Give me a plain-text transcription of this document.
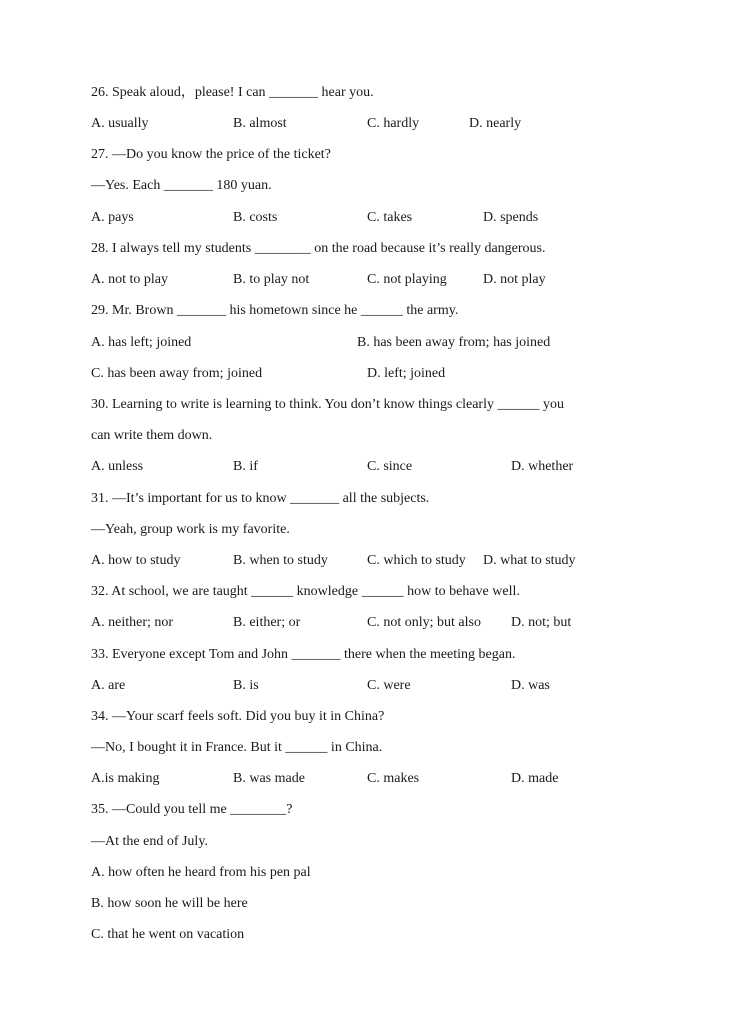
26. Speak aloud，please! I can _______ hear you.
A. usually	B. almost	C. hardly	D. nearly
27. —Do you know the price of the ticket?
—Yes. Each _______ 180 yuan.
A. pays	B. costs	C. takes	D. spends
28. I always tell my students ________ on the road because it’s really dangerous.
A. not to play	B. to play not	C. not playing	D. not play
29. Mr. Brown _______ his hometown since he ______ the army.
A. has left; joined	B. has been away from; has joined
C. has been away from; joined	D. left; joined
30. Learning to write is learning to think. You don’t know things clearly ______ you
can write them down.
A. unless	B. if	C. since	D. whether
31. —It’s important for us to know _______ all the subjects.
—Yeah, group work is my favorite.
A. how to study	B. when to study	C. which to study D. what to study
32. At school, we are taught ______ knowledge ______ how to behave well.
A. neither; nor	B. either; or	C. not only; but also D. not; but
33. Everyone except Tom and John _______ there when the meeting began.
A. are	B. is	C. were	D. was
34. —Your scarf feels soft. Did you buy it in China?
—No, I bought it in France. But it ______ in China.
A.is making	B. was made	C. makes	D. made
35. —Could you tell me ________?
—At the end of July.
A. how often he heard from his pen pal
B. how soon he will be here
C. that he went on vacation
